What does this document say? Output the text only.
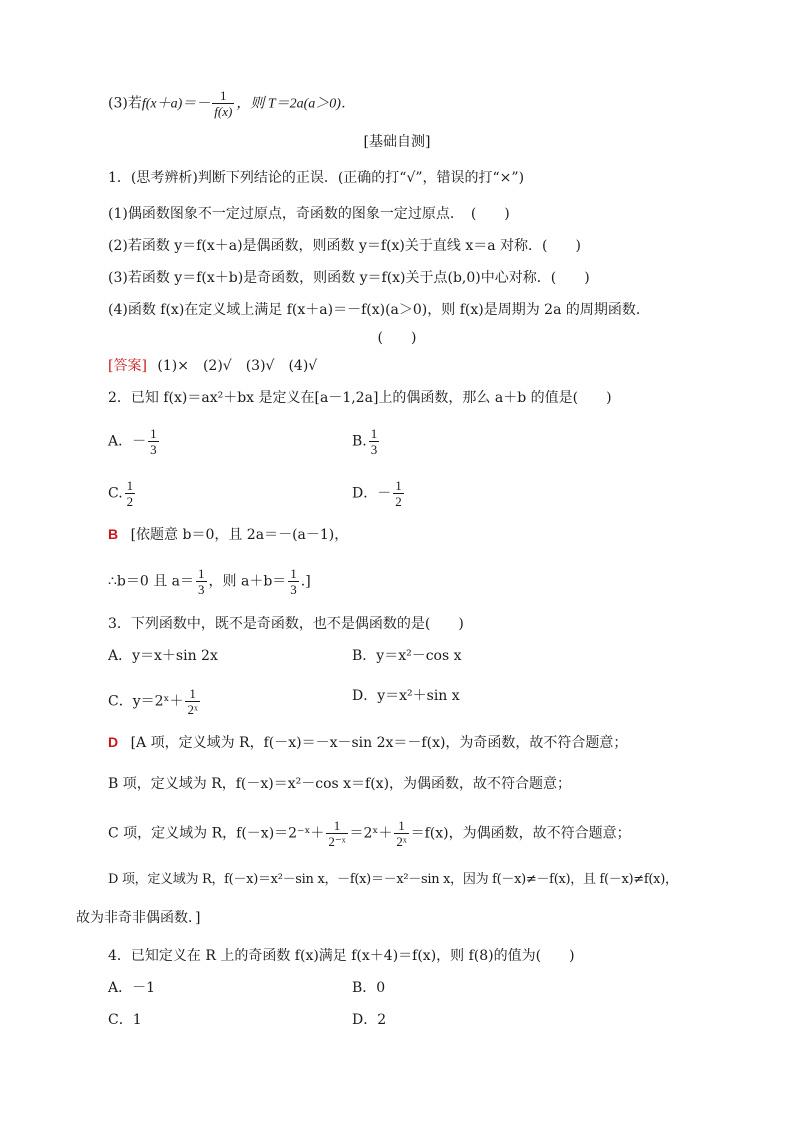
(3)若$f(x+a)=- \frac{1}{f(x)}$ ，则 T＝2a(a＞0)．
[基础自测]
1．(思考辨析)判断下列结论的正误．(正确的打“√”，错误的打“×”)
(1)偶函数图象不一定过原点，奇函数的图象一定过原点．　(　　)
(2)若函数 y＝f(x＋a)是偶函数，则函数 y＝f(x)关于直线 x＝a 对称．(　　)
(3)若函数 y＝f(x＋b)是奇函数，则函数 y＝f(x)关于点(b,0)中心对称．(　　)
(4)函数 f(x)在定义域上满足 f(x＋a)＝－f(x)(a＞0)，则 f(x)是周期为 2a 的周期函数．
(　　)
[答案] (1)×　(2)√　(3)√　(4)√
2．已知 f(x)＝ax²＋bx 是定义在[a－1,2a]上的偶函数，那么 a＋b 的值是(　　)
A．－ $\frac{1}{3}$	B. $\frac{1}{3}$
C. $\frac{1}{2}$	D．－ $\frac{1}{2}$
B [依题意 b＝0，且 2a＝－(a－1)，
∴b＝0 且 $a= \frac{1}{3}$ ，则 $a+b= \frac{1}{3}$ .]
3．下列函数中，既不是奇函数，也不是偶函数的是(　　)
A．y＝x＋sin 2x	B．y＝x²－cos x
C．y＝2ˣ＋ $\frac{1}{\text{2ˣ}}$	D．y＝x²＋sin x
D [A 项，定义域为 R，f(－x)＝－x－sin 2x＝－f(x)，为奇函数，故不符合题意；
B 项，定义域为 R，f(－x)＝x²－cos x＝f(x)，为偶函数，故不符合题意；
C 项，定义域为 R，f(－x)＝2⁻ˣ＋ $\frac{1}{\text{2⁻ˣ}}$ ＝2ˣ＋ $\frac{1}{\text{2ˣ}} =f(x)$，为偶函数，故不符合题意；
D 项，定义域为 R，f(－x)＝x²－sin x，－f(x)＝－x²－sin x，因为 f(－x)≠－f(x)，且 f(－x)≠f(x)，
故为非奇非偶函数．]
4．已知定义在 R 上的奇函数 f(x)满足 f(x＋4)＝f(x)，则 f(8)的值为(　　)
A．－1	B．0
C．1	D．2
